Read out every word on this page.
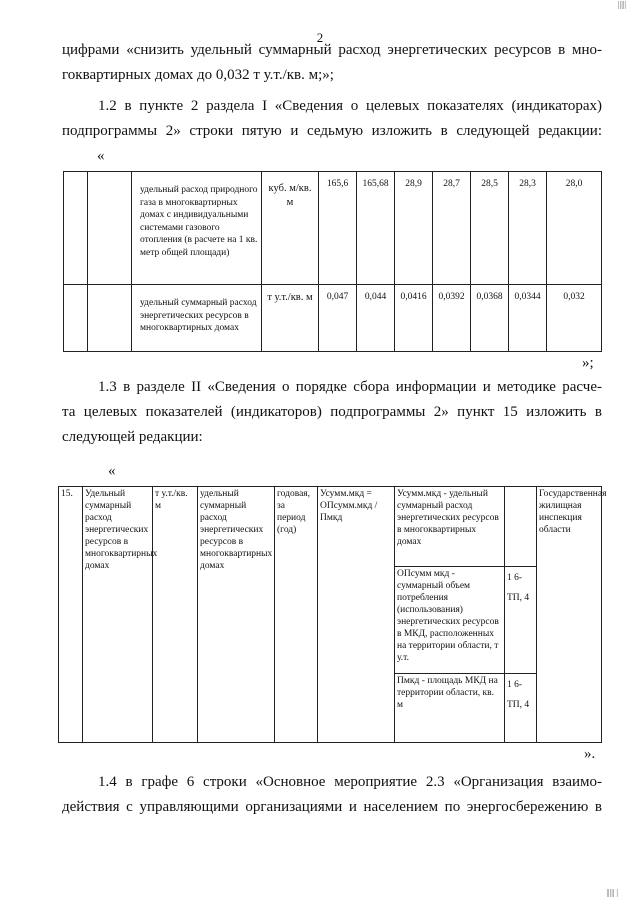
|||||
2
цифрами «снизить удельный суммарный расход энергетических ресурсов в мно-
гоквартирных домах до 0,032 т у.т./кв. м;»;
1.2 в пункте 2 раздела I «Сведения о целевых показателях (индикаторах)
подпрограммы 2» строки пятую и седьмую изложить в следующей редакции:
«
		удельный расход природного газа в многоквартирных домах с индивидуальными системами газового отопления (в расчете на 1 кв. метр общей площади)	куб. м/кв. м	165,6	165,68	28,9	28,7	28,5	28,3	28,0
		удельный суммарный расход энергетических ресурсов в многоквартирных домах	т у.т./кв. м	0,047	0,044	0,0416	0,0392	0,0368	0,0344	0,032
»;
1.3 в разделе II «Сведения о порядке сбора информации и методике расче-
та целевых показателей (индикаторов) подпрограммы 2» пункт 15 изложить в
следующей редакции:
«
15.	Удельный суммарный расход энергетических ресурсов в многоквартирных домах	т у.т./кв. м	удельный суммарный расход энергетических ресурсов в многоквартирных домах	годовая, за период (год)	Усумм.мкд = ОПсумм.мкд / Пмкд	Усумм.мкд - удельный суммарный расход энергетических ресурсов в многоквартирных домах		Государственная жилищная инспекция области
						ОПсумм мкд - суммарный объем потребления (использования) энергетических ресурсов в МКД, расположенных на территории области, т у.т.	1 6-ТП, 4	
						Пмкд - площадь МКД на территории области, кв. м	1 6-ТП, 4	
».
1.4 в графе 6 строки «Основное мероприятие 2.3 «Организация взаимо-
действия с управляющими организациями и населением по энергосбережению в
||||| |
